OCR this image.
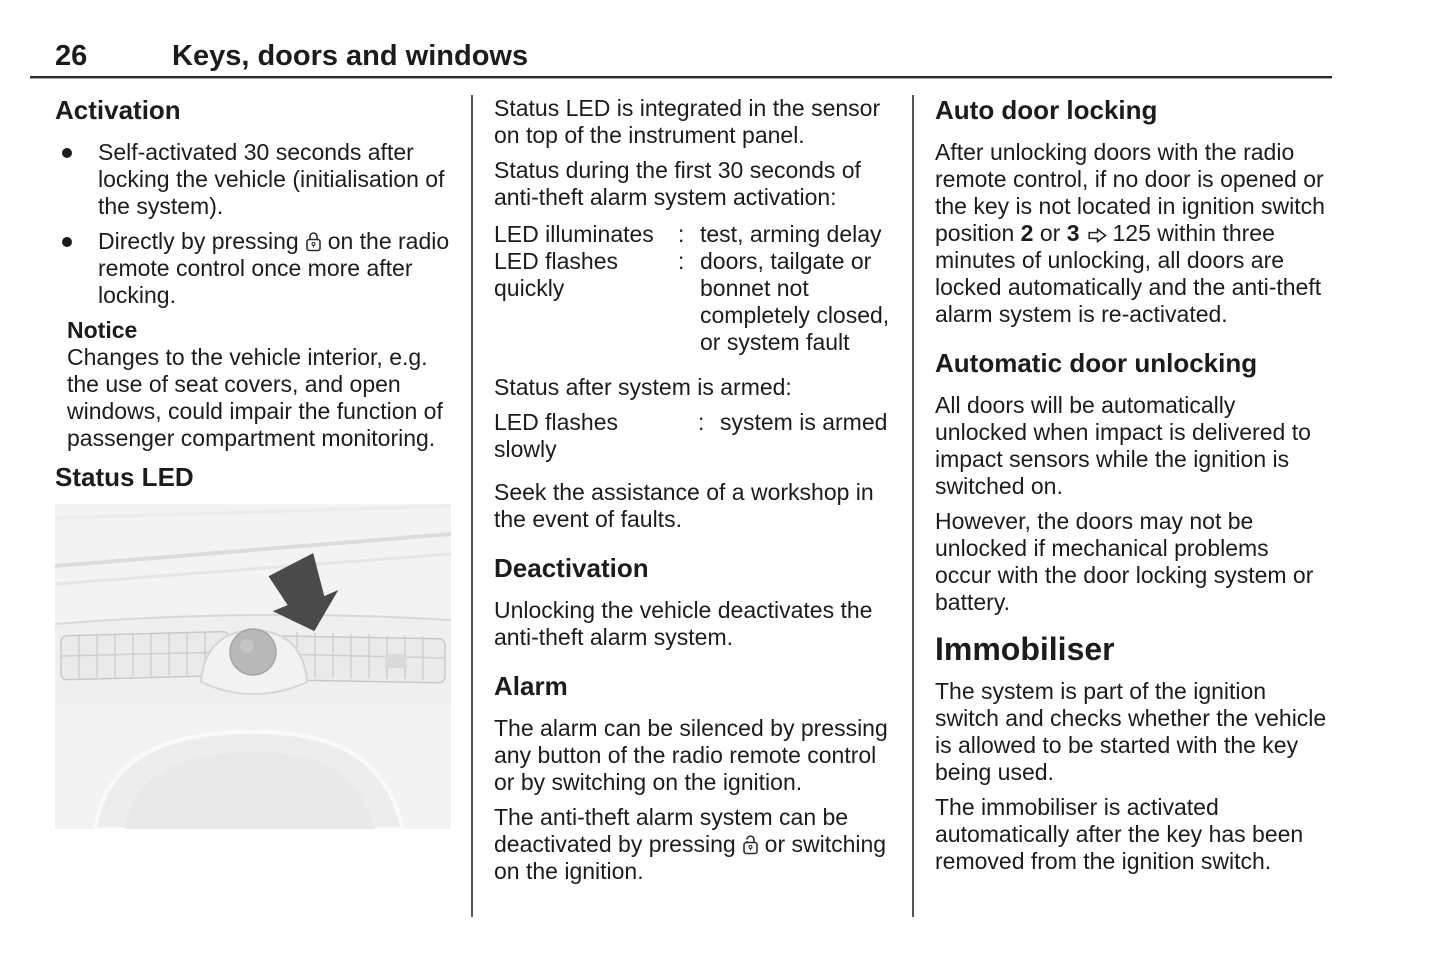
26	Keys, doors and windows
Activation
Self-activated 30 seconds after locking the vehicle (initialisation of the system).
Directly by pressing on the radio remote control once more after locking.
Notice
Changes to the vehicle interior, e.g. the use of seat covers, and open windows, could impair the function of passenger compartment monitoring.
Status LED

Status LED is integrated in the sensor on top of the instrument panel.

Status during the first 30 seconds of anti-theft alarm system activation:

LED illuminates	: test, arming delay
LED flashes
quickly
: doors, tailgate or bonnet not completely closed, or system fault

Status after system is armed:

LED flashes
slowly
: system is armed

Seek the assistance of a workshop in the event of faults.

Deactivation

Unlocking the vehicle deactivates the anti-theft alarm system.

Alarm

The alarm can be silenced by pressing any button of the radio remote control or by switching on the ignition.

The anti-theft alarm system can be deactivated by pressing or switching on the ignition.

Auto door locking

After unlocking doors with the radio remote control, if no door is opened or the key is not located in ignition switch position 2 or 3 125 within three minutes of unlocking, all doors are locked automatically and the anti-theft alarm system is re-activated.

Automatic door unlocking

All doors will be automatically unlocked when impact is delivered to impact sensors while the ignition is switched on.

However, the doors may not be unlocked if mechanical problems occur with the door locking system or battery.

Immobiliser

The system is part of the ignition switch and checks whether the vehicle is allowed to be started with the key being used.

The immobiliser is activated automatically after the key has been removed from the ignition switch.
